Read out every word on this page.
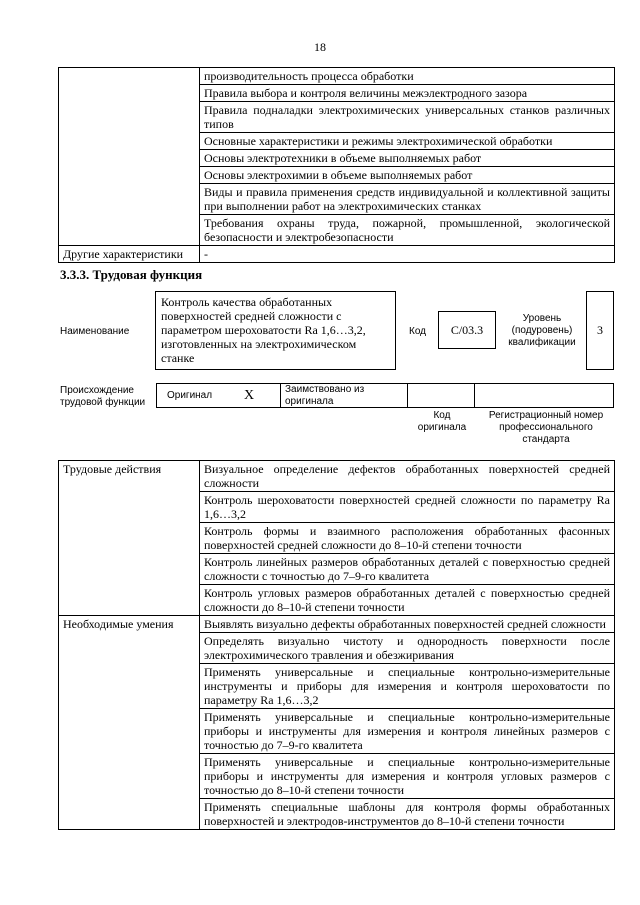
18
	производительность процесса обработки
	Правила выбора и контроля величины межэлектродного зазора
	Правила подналадки электрохимических универсальных станков различных типов
	Основные характеристики и режимы электрохимической обработки
	Основы электротехники в объеме выполняемых работ
	Основы электрохимии в объеме выполняемых работ
	Виды и правила применения средств индивидуальной и коллективной защиты при выполнении работ на электрохимических станках
	Требования охраны труда, пожарной, промышленной, экологической безопасности и электробезопасности
Другие характеристики	-
3.3.3. Трудовая функция
Наименование
Контроль качества обработанных поверхностей средней сложности с параметром шероховатости Ra 1,6…3,2, изготовленных на электрохимическом станке
Код	C/03.3
Уровень (подуровень) квалификации
3
Происхождение трудовой функции
Оригинал X	Заимствовано из оригинала
Код оригинала
Регистрационный номер профессионального стандарта
Трудовые действия	Визуальное определение дефектов обработанных поверхностей средней сложности
	Контроль шероховатости поверхностей средней сложности по параметру Ra 1,6…3,2
	Контроль формы и взаимного расположения обработанных фасонных поверхностей средней сложности до 8–10-й степени точности
	Контроль линейных размеров обработанных деталей с поверхностью средней сложности с точностью до 7–9-го квалитета
	Контроль угловых размеров обработанных деталей с поверхностью средней сложности до 8–10-й степени точности
Необходимые умения	Выявлять визуально дефекты обработанных поверхностей средней сложности
	Определять визуально чистоту и однородность поверхности после электрохимического травления и обезжиривания
	Применять универсальные и специальные контрольно-измерительные инструменты и приборы для измерения и контроля шероховатости по параметру Ra 1,6…3,2
	Применять универсальные и специальные контрольно-измерительные приборы и инструменты для измерения и контроля линейных размеров с точностью до 7–9-го квалитета
	Применять универсальные и специальные контрольно-измерительные приборы и инструменты для измерения и контроля угловых размеров с точностью до 8–10-й степени точности
	Применять специальные шаблоны для контроля формы обработанных поверхностей и электродов-инструментов до 8–10-й степени точности
